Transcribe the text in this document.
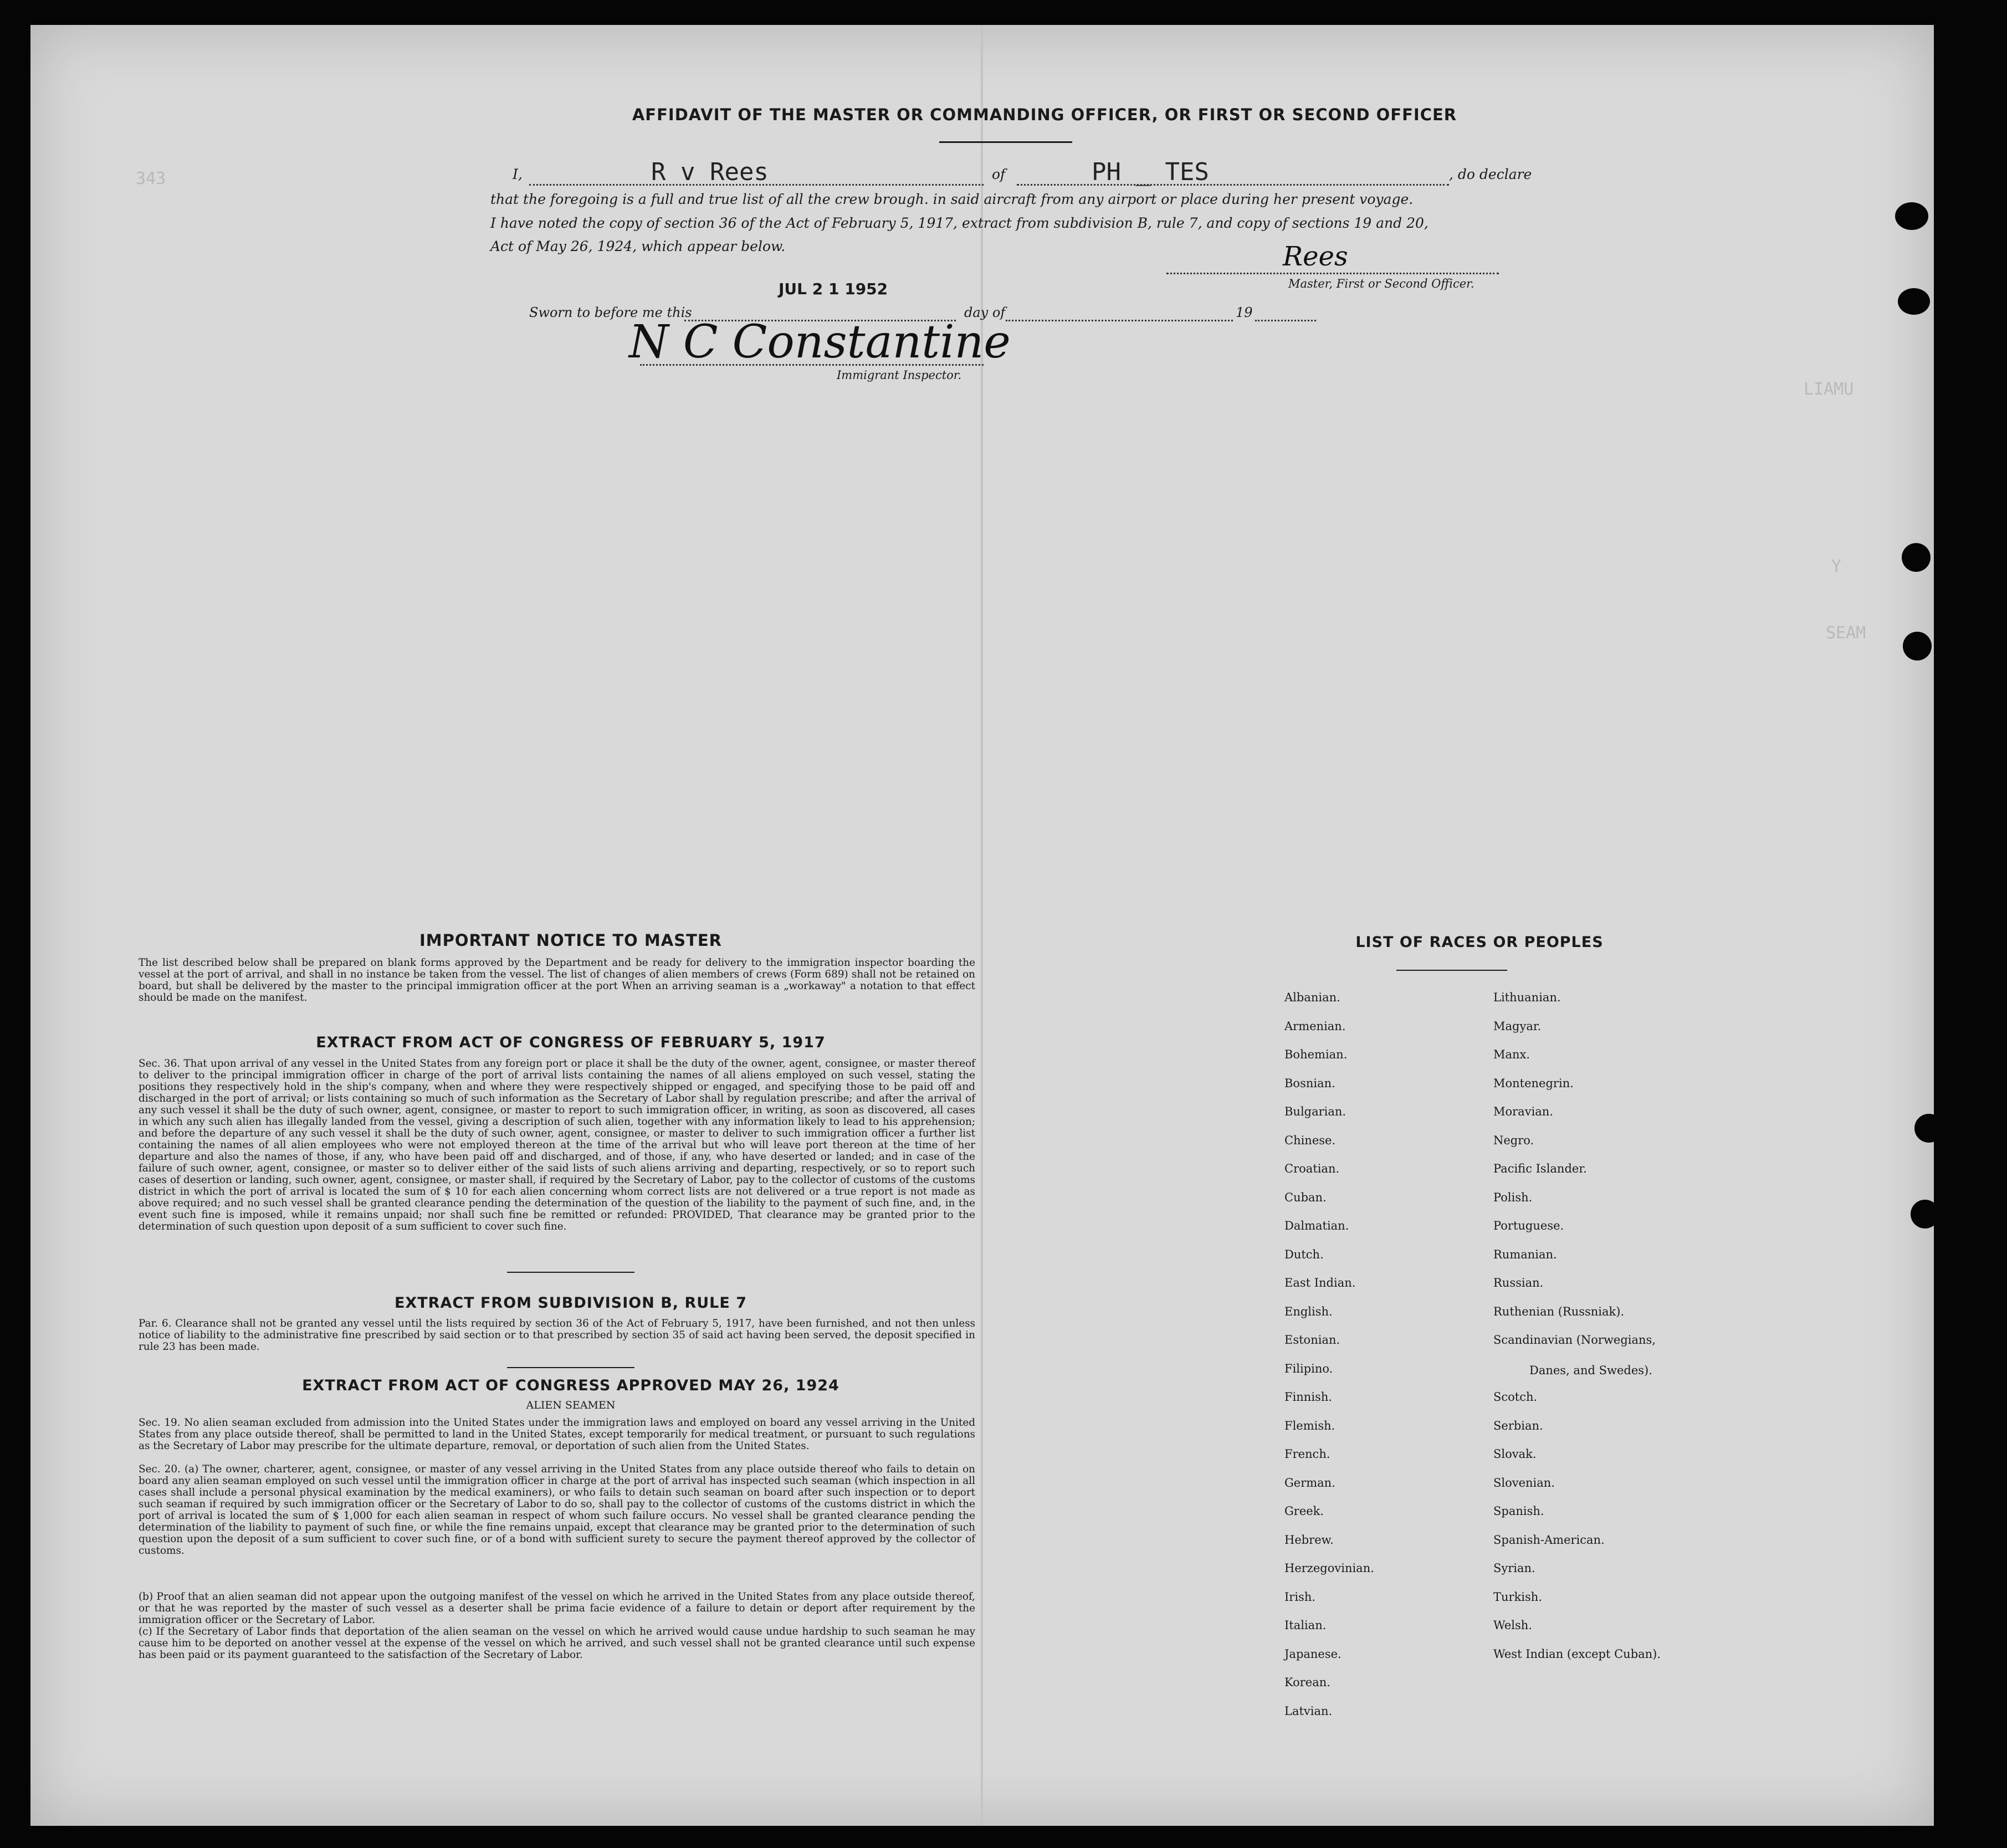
343
LIAMU
Y
SEAM
AFFIDAVIT OF THE MASTER OR COMMANDING OFFICER, OR FIRST OR SECOND OFFICER
I,	R v Rees	of	PH _ TES	, do declare
that the foregoing is a full and true list of all the crew brough. in said aircraft from any airport or place during her present voyage.
I have noted the copy of section 36 of the Act of February 5, 1917, extract from subdivision B, rule 7, and copy of sections 19 and 20,
Act of May 26, 1924, which appear below.	Rees
Master, First or Second Officer.
JUL 2 1 1952
Sworn to before me this	day of	19
N C Constantine
Immigrant Inspector.
IMPORTANT NOTICE TO MASTER

The list described below shall be prepared on blank forms approved by the Department and be ready for delivery to the immigration inspector boarding the vessel at the port of arrival, and shall in no instance be taken from the vessel. The list of changes of alien members of crews (Form 689) shall not be retained on board, but shall be delivered by the master to the principal immigration officer at the port When an arriving seaman is a „workaway" a notation to that effect should be made on the manifest.

EXTRACT FROM ACT OF CONGRESS OF FEBRUARY 5, 1917

Sec. 36. That upon arrival of any vessel in the United States from any foreign port or place it shall be the duty of the owner, agent, consignee, or master thereof to deliver to the principal immigration officer in charge of the port of arrival lists containing the names of all aliens employed on such vessel, stating the positions they respectively hold in the ship's company, when and where they were respectively shipped or engaged, and specifying those to be paid off and discharged in the port of arrival; or lists containing so much of such information as the Secretary of Labor shall by regulation prescribe; and after the arrival of any such vessel it shall be the duty of such owner, agent, consignee, or master to report to such immigration officer, in writing, as soon as discovered, all cases in which any such alien has illegally landed from the vessel, giving a description of such alien, together with any information likely to lead to his apprehension; and before the departure of any such vessel it shall be the duty of such owner, agent, consignee, or master to deliver to such immigration officer a further list containing the names of all alien employees who were not employed thereon at the time of the arrival but who will leave port thereon at the time of her departure and also the names of those, if any, who have been paid off and discharged, and of those, if any, who have deserted or landed; and in case of the failure of such owner, agent, consignee, or master so to deliver either of the said lists of such aliens arriving and departing, respectively, or so to report such cases of desertion or landing, such owner, agent, consignee, or master shall, if required by the Secretary of Labor, pay to the collector of customs of the customs district in which the port of arrival is located the sum of $ 10 for each alien concerning whom correct lists are not delivered or a true report is not made as above required; and no such vessel shall be granted clearance pending the determination of the question of the liability to the payment of such fine, and, in the event such fine is imposed, while it remains unpaid; nor shall such fine be remitted or refunded: PROVIDED, That clearance may be granted prior to the determination of such question upon deposit of a sum sufficient to cover such fine.

EXTRACT FROM SUBDIVISION B, RULE 7

Par. 6. Clearance shall not be granted any vessel until the lists required by section 36 of the Act of February 5, 1917, have been furnished, and not then unless notice of liability to the administrative fine prescribed by said section or to that prescribed by section 35 of said act having been served, the deposit specified in rule 23 has been made.

EXTRACT FROM ACT OF CONGRESS APPROVED MAY 26, 1924
ALIEN SEAMEN

Sec. 19. No alien seaman excluded from admission into the United States under the immigration laws and employed on board any vessel arriving in the United States from any place outside thereof, shall be permitted to land in the United States, except temporarily for medical treatment, or pursuant to such regulations as the Secretary of Labor may prescribe for the ultimate departure, removal, or deportation of such alien from the United States.

Sec. 20. (a) The owner, charterer, agent, consignee, or master of any vessel arriving in the United States from any place outside thereof who fails to detain on board any alien seaman employed on such vessel until the immigration officer in charge at the port of arrival has inspected such seaman (which inspection in all cases shall include a personal physical examination by the medical examiners), or who fails to detain such seaman on board after such inspection or to deport such seaman if required by such immigration officer or the Secretary of Labor to do so, shall pay to the collector of customs of the customs district in which the port of arrival is located the sum of $ 1,000 for each alien seaman in respect of whom such failure occurs. No vessel shall be granted clearance pending the determination of the liability to payment of such fine, or while the fine remains unpaid, except that clearance may be granted prior to the determination of such question upon the deposit of a sum sufficient to cover such fine, or of a bond with sufficient surety to secure the payment thereof approved by the collector of customs.

(b) Proof that an alien seaman did not appear upon the outgoing manifest of the vessel on which he arrived in the United States from any place outside thereof, or that he was reported by the master of such vessel as a deserter shall be prima facie evidence of a failure to detain or deport after requirement by the immigration officer or the Secretary of Labor.

(c) If the Secretary of Labor finds that deportation of the alien seaman on the vessel on which he arrived would cause undue hardship to such seaman he may cause him to be deported on another vessel at the expense of the vessel on which he arrived, and such vessel shall not be granted clearance until such expense has been paid or its payment guaranteed to the satisfaction of the Secretary of Labor.

LIST OF RACES OR PEOPLES
Albanian.
Armenian.
Bohemian.
Bosnian.
Bulgarian.
Chinese.
Croatian.
Cuban.
Dalmatian.
Dutch.
East Indian.
English.
Estonian.
Filipino.
Finnish.
Flemish.
French.
German.
Greek.
Hebrew.
Herzegovinian.
Irish.
Italian.
Japanese.
Korean.
Latvian.
Lithuanian.
Magyar.
Manx.
Montenegrin.
Moravian.
Negro.
Pacific Islander.
Polish.
Portuguese.
Rumanian.
Russian.
Ruthenian (Russniak).
Scandinavian (Norwegians,
Scotch.
Serbian.
Slovak.
Slovenian.
Spanish.
Spanish-American.
Syrian.
Turkish.
Welsh.
West Indian (except Cuban).
Danes, and Swedes).
